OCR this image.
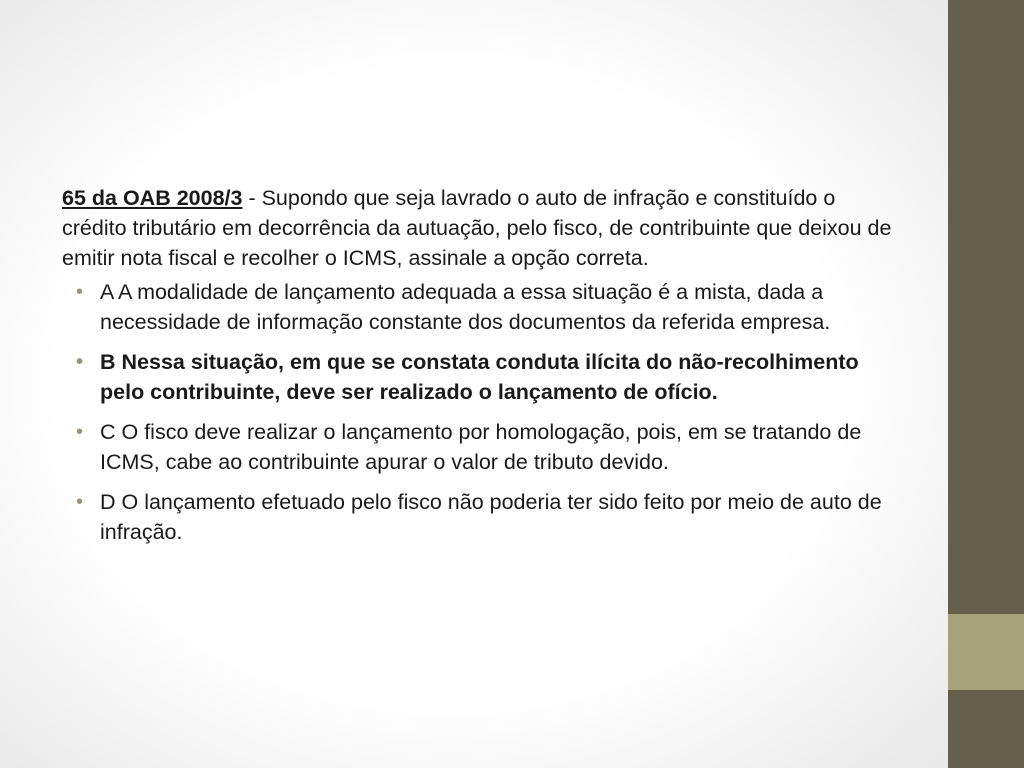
65 da OAB 2008/3 - Supondo que seja lavrado o auto de infração e constituído o crédito tributário em decorrência da autuação, pelo fisco, de contribuinte que deixou de emitir nota fiscal e recolher o ICMS, assinale a opção correta.

• A A modalidade de lançamento adequada a essa situação é a mista, dada a necessidade de informação constante dos documentos da referida empresa.
• B Nessa situação, em que se constata conduta ilícita do não-recolhimento pelo contribuinte, deve ser realizado o lançamento de ofício.
• C O fisco deve realizar o lançamento por homologação, pois, em se tratando de ICMS, cabe ao contribuinte apurar o valor de tributo devido.
• D O lançamento efetuado pelo fisco não poderia ter sido feito por meio de auto de infração.
